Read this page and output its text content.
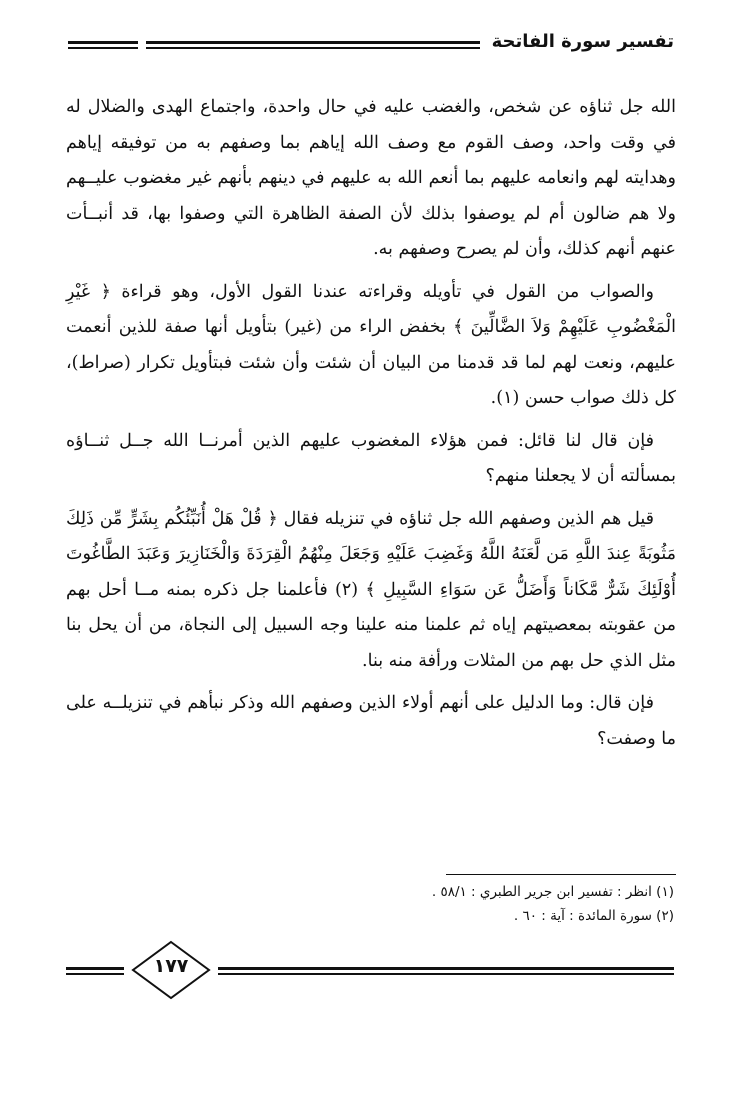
تفسير سورة الفاتحة

الله جل ثناؤه عن شخص، والغضب عليه في حال واحدة، واجتماع الهدى والضلال له في وقت واحد، وصف القوم مع وصف الله إياهم بما وصفهم به من توفيقه إياهم وهدايته لهم وانعامه عليهم بما أنعم الله به عليهم في دينهم بأنهم غير مغضوب عليــهم ولا هم ضالون أم لم يوصفوا بذلك لأن الصفة الظاهرة التي وصفوا بها، قد أنبــأت عنهم أنهم كذلك، وأن لم يصرح وصفهم به.

والصواب من القول في تأويله وقراءته عندنا القول الأول، وهو قراءة ﴿ غَيْرِ الْمَغْضُوبِ عَلَيْهِمْ وَلاَ الضَّالِّينَ ﴾ بخفض الراء من (غير) بتأويل أنها صفة للذين أنعمت عليهم، ونعت لهم لما قد قدمنا من البيان أن شئت وأن شئت فبتأويل تكرار (صراط)، كل ذلك صواب حسن (١).

فإن قال لنا قائل: فمن هؤلاء المغضوب عليهم الذين أمرنــا الله جــل ثنــاؤه بمسألته أن لا يجعلنا منهم؟

قيل هم الذين وصفهم الله جل ثناؤه في تنزيله فقال ﴿ قُلْ هَلْ أُنَبِّئُكُم بِشَرٍّ مِّن ذَلِكَ مَثُوبَةً عِندَ اللَّهِ مَن لَّعَنَهُ اللَّهُ وَغَضِبَ عَلَيْهِ وَجَعَلَ مِنْهُمُ الْقِرَدَةَ وَالْخَنَازِيرَ وَعَبَدَ الطَّاغُوتَ أُوْلَئِكَ شَرٌّ مَّكَاناً وَأَضَلُّ عَن سَوَاءِ السَّبِيلِ ﴾ (٢) فأعلمنا جل ذكره بمنه مــا أحل بهم من عقوبته بمعصيتهم إياه ثم علمنا منه علينا وجه السبيل إلى النجاة، من أن يحل بنا مثل الذي حل بهم من المثلات ورأفة منه بنا.

فإن قال: وما الدليل على أنهم أولاء الذين وصفهم الله وذكر نبأهم في تنزيلــه على ما وصفت؟

(١) انظر : تفسير ابن جرير الطبري : ٥٨/١ .
(٢) سورة المائدة : آية : ٦٠ .
١٧٧
